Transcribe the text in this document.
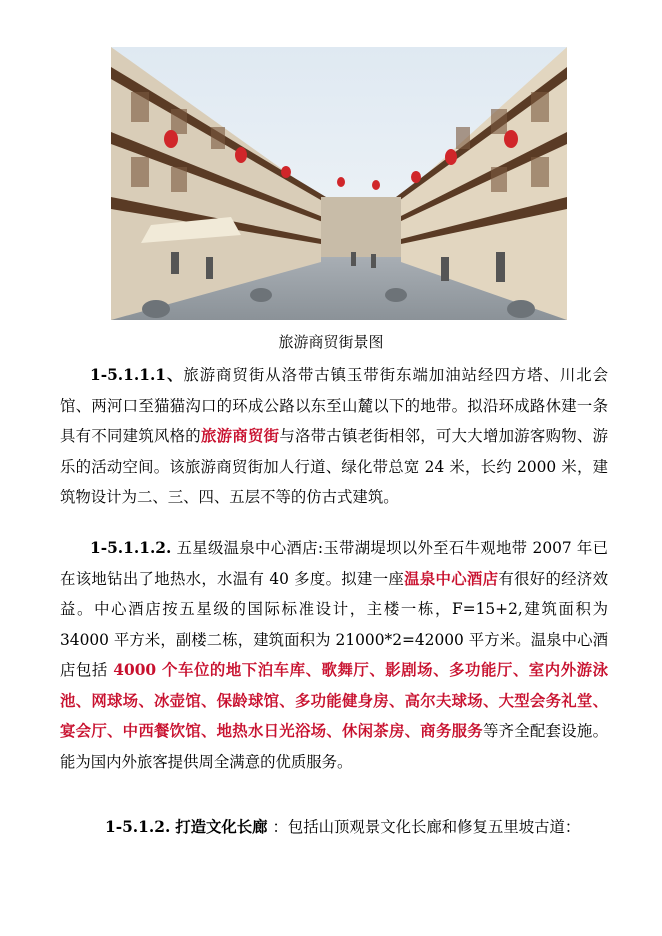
旅游商贸街景图

1-5.1.1.1、旅游商贸街从洛带古镇玉带街东端加油站经四方塔、川北会馆、两河口至猫猫沟口的环成公路以东至山麓以下的地带。拟沿环成路休建一条具有不同建筑风格的旅游商贸街与洛带古镇老街相邻，可大大增加游客购物、游乐的活动空间。该旅游商贸街加人行道、绿化带总宽 24 米，长约 2000 米，建筑物设计为二、三、四、五层不等的仿古式建筑。

1-5.1.1.2. 五星级温泉中心酒店:玉带湖堤坝以外至石牛观地带 2007 年已在该地钻出了地热水，水温有 40 多度。拟建一座温泉中心酒店有很好的经济效益。中心酒店按五星级的国际标准设计，主楼一栋，F=15+2,建筑面积为 34000 平方米，副楼二栋，建筑面积为 21000*2=42000 平方米。温泉中心酒店包括 4000 个车位的地下泊车库、歌舞厅、影剧场、多功能厅、室内外游泳池、网球场、冰壶馆、保龄球馆、多功能健身房、高尔夫球场、大型会务礼堂、宴会厅、中西餐饮馆、地热水日光浴场、休闲茶房、商务服务等齐全配套设施。能为国内外旅客提供周全满意的优质服务。

1-5.1.2. 打造文化长廊 ：包括山顶观景文化长廊和修复五里坡古道：
